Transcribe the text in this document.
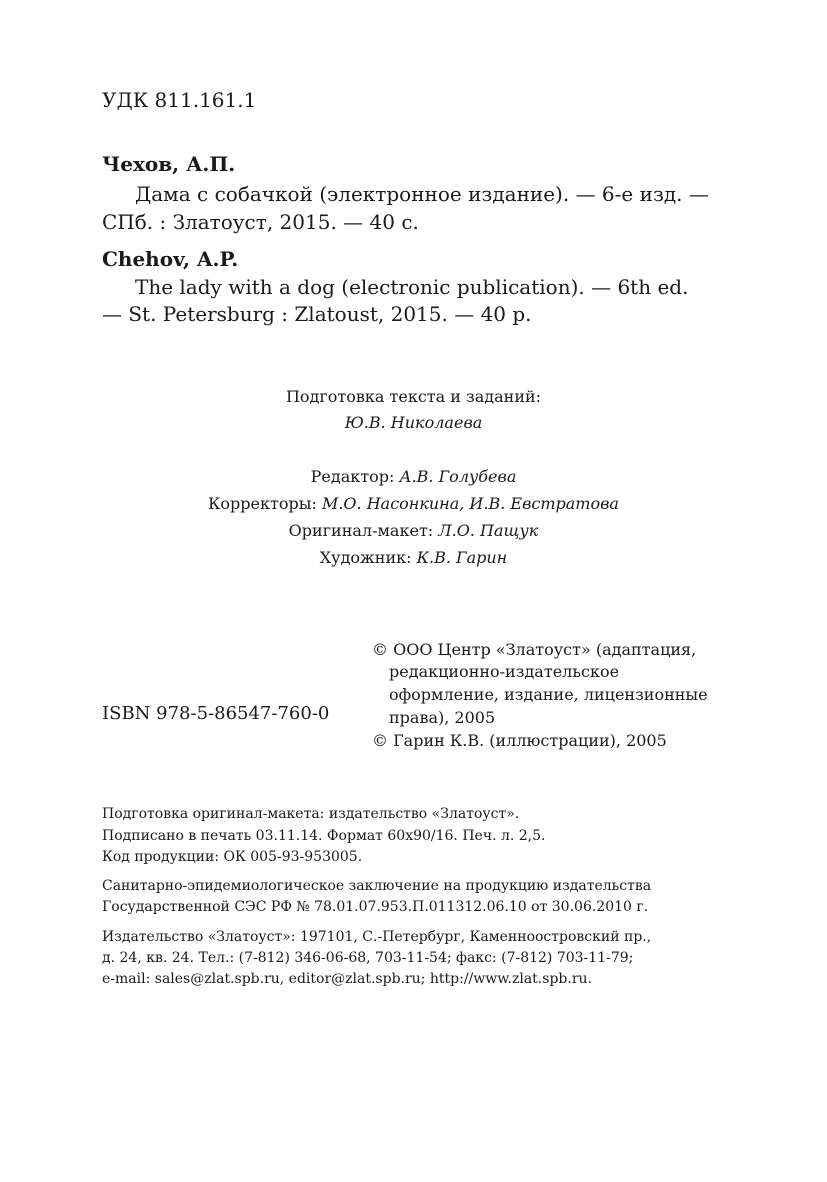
УДК 811.161.1
Чехов, А.П.
Дама с собачкой (электронное издание). — 6-е изд. —
СПб. : Златоуст, 2015. — 40 с.
Chehov, A.P.
The lady with a dog (electronic publication). — 6th ed.
— St. Petersburg : Zlatoust, 2015. — 40 p.
Подготовка текста и заданий:
Ю.В. Николаева
Редактор: А.В. Голубева
Корректоры: М.О. Насонкина, И.В. Евстратова
Оригинал-макет: Л.О. Пащук
Художник: К.В. Гарин
ISBN 978-5-86547-760-0
© ООО Центр «Златоуст» (адаптация,
редакционно-издательское
оформление, издание, лицензионные
права), 2005
© Гарин К.В. (иллюстрации), 2005
Подготовка оригинал-макета: издательство «Златоуст».
Подписано в печать 03.11.14. Формат 60x90/16. Печ. л. 2,5.
Код продукции: ОК 005-93-953005.
Санитарно-эпидемиологическое заключение на продукцию издательства
Государственной СЭС РФ № 78.01.07.953.П.011312.06.10 от 30.06.2010 г.
Издательство «Златоуст»: 197101, С.-Петербург, Каменноостровский пр.,
д. 24, кв. 24. Тел.: (7-812) 346-06-68, 703-11-54; факс: (7-812) 703-11-79;
e-mail: sales@zlat.spb.ru, editor@zlat.spb.ru; http://www.zlat.spb.ru.
